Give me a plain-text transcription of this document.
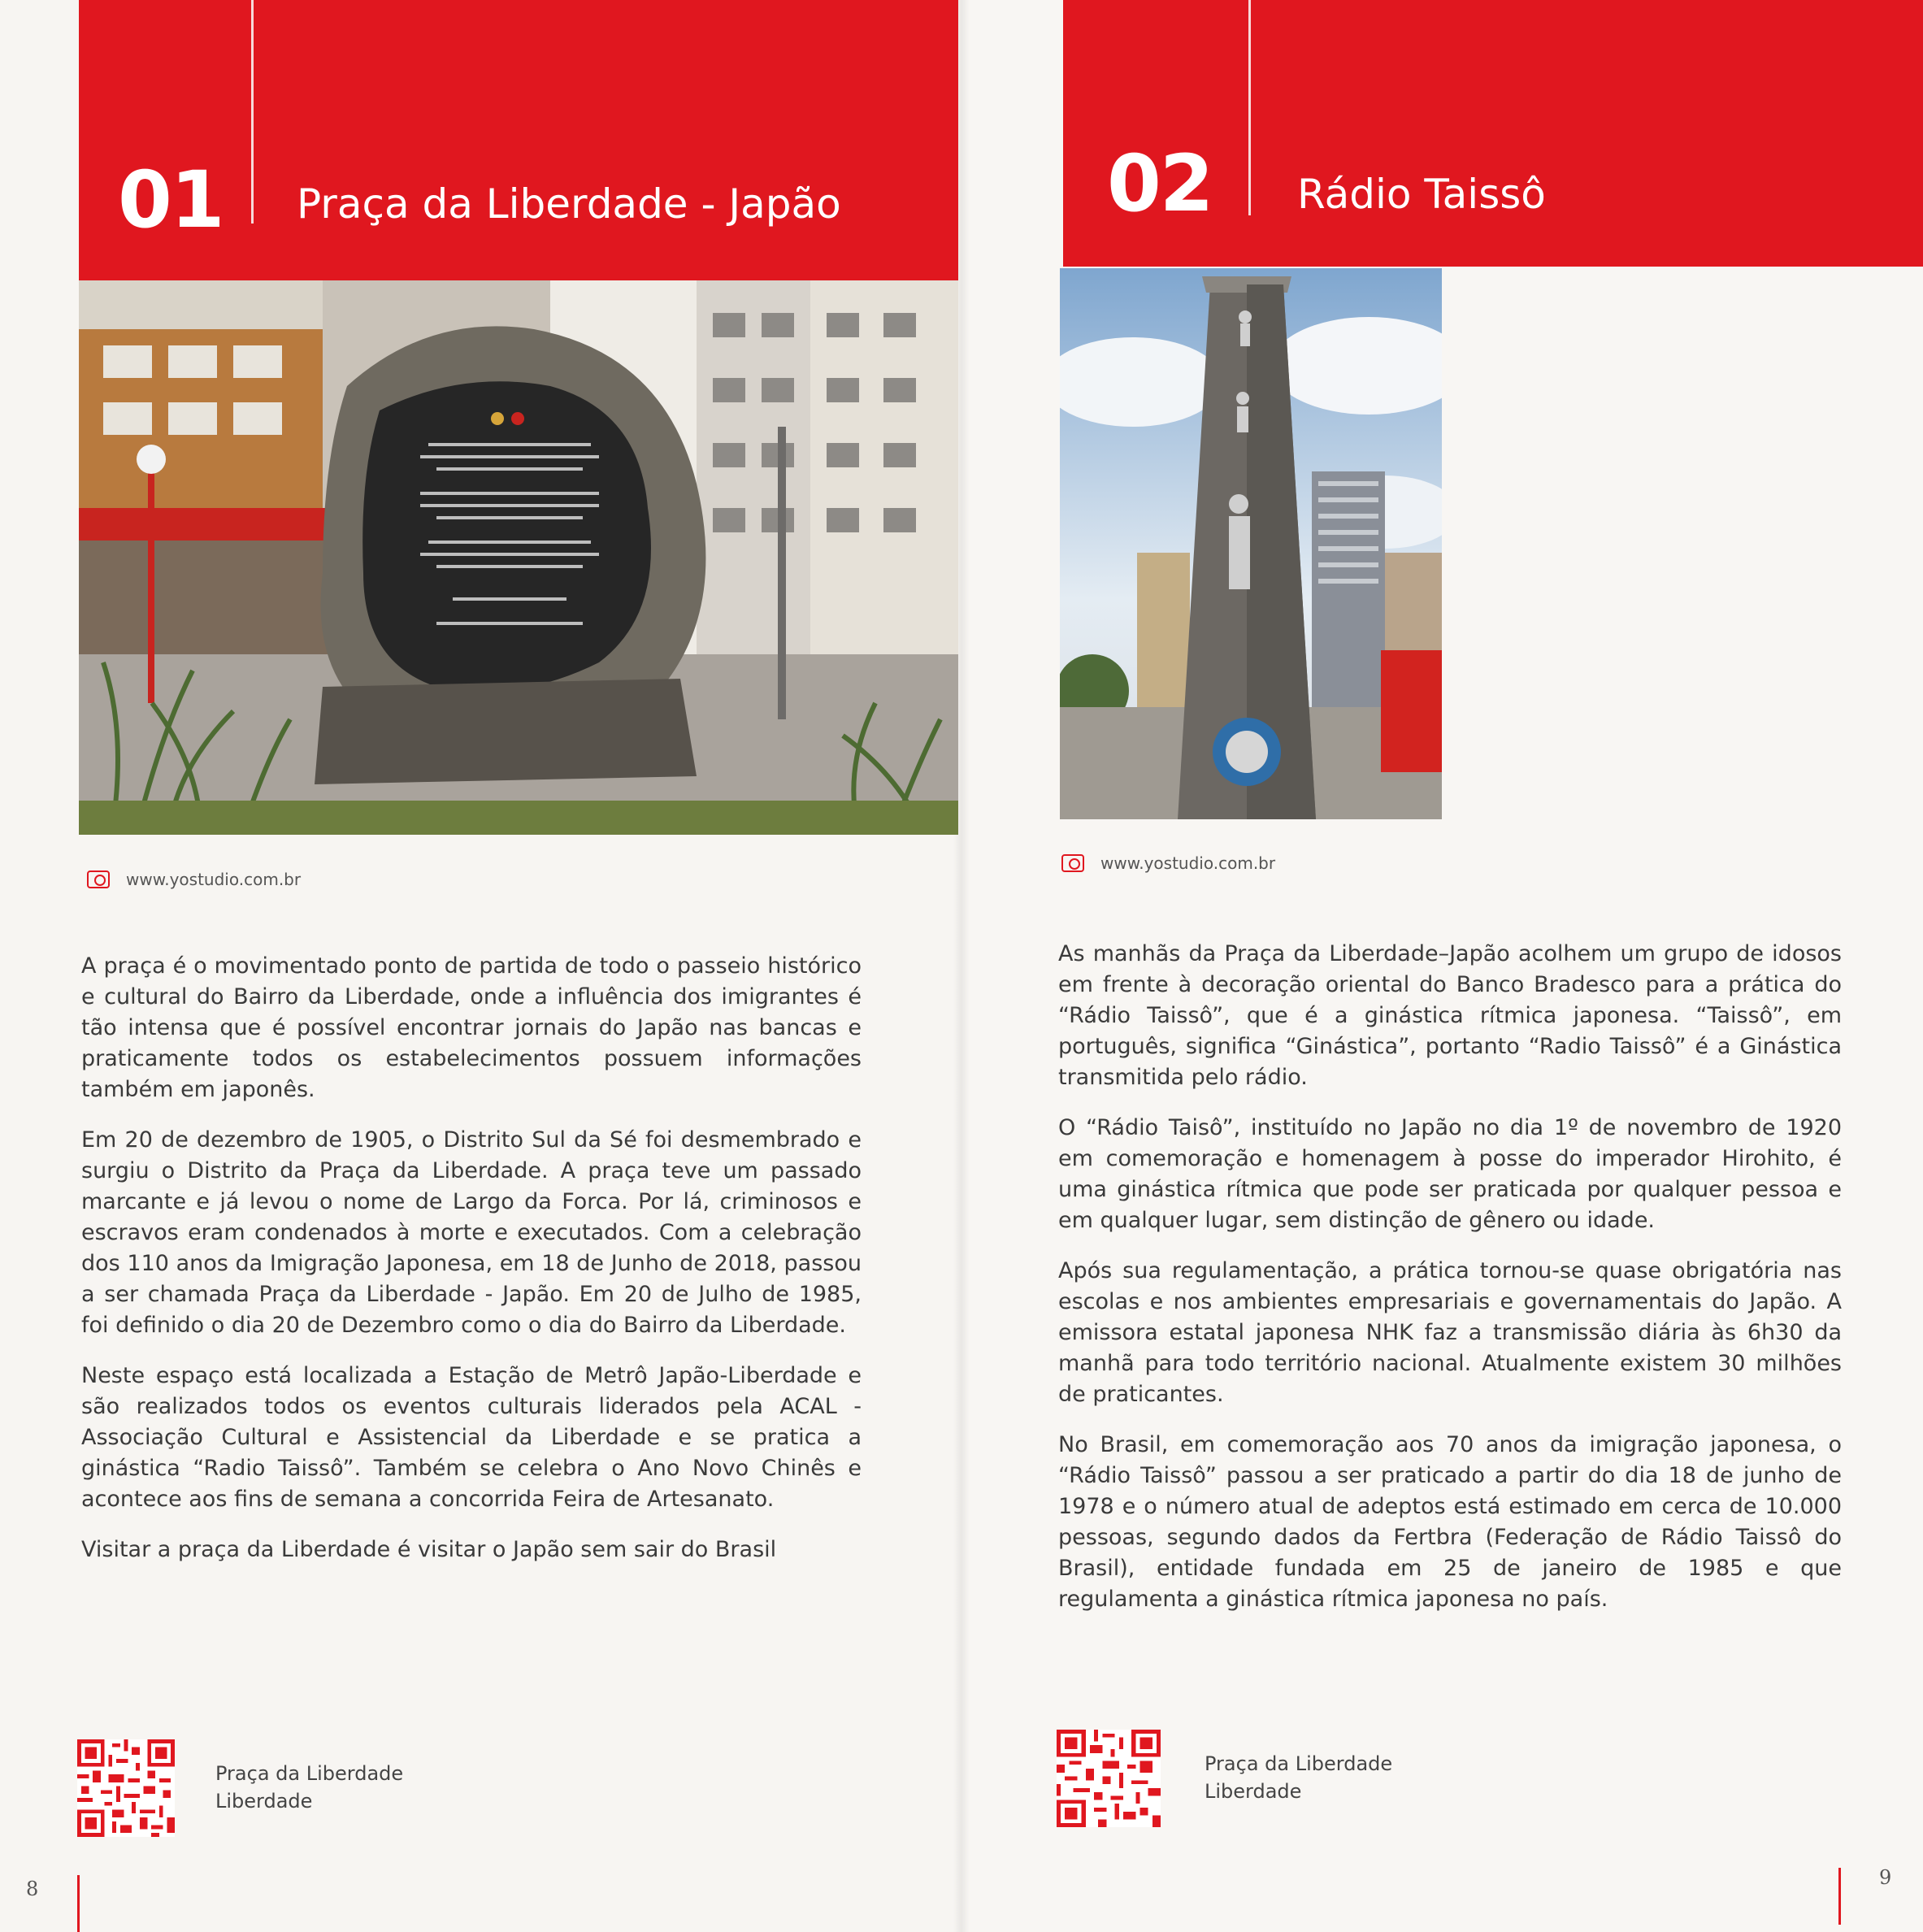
01 Praça da Liberdade - Japão
www.yostudio.com.br

A praça é o movimentado ponto de partida de todo o passeio histórico e cultural do Bairro da Liberdade, onde a influência dos imigrantes é tão intensa que é possível encontrar jornais do Japão nas bancas e praticamente todos os estabelecimentos possuem informações também em japonês.

Em 20 de dezembro de 1905, o Distrito Sul da Sé foi desmembrado e surgiu o Distrito da Praça da Liberdade. A praça teve um passado marcante e já levou o nome de Largo da Forca. Por lá, criminosos e escravos eram condenados à morte e executados. Com a celebração dos 110 anos da Imigração Japonesa, em 18 de Junho de 2018, passou a ser chamada Praça da Liberdade - Japão. Em 20 de Julho de 1985, foi definido o dia 20 de Dezembro como o dia do Bairro da Liberdade.

Neste espaço está localizada a Estação de Metrô Japão-Liberdade e são realizados todos os eventos culturais liderados pela ACAL - Associação Cultural e Assistencial da Liberdade e se pratica a ginástica “Radio Taissô”. Também se celebra o Ano Novo Chinês e acontece aos fins de semana a concorrida Feira de Artesanato.

Visitar a praça da Liberdade é visitar o Japão sem sair do Brasil

Praça da Liberdade
Liberdade
8
02 Rádio Taissô
www.yostudio.com.br

As manhãs da Praça da Liberdade–Japão acolhem um grupo de idosos em frente à decoração oriental do Banco Bradesco para a prática do “Rádio Taissô”, que é a ginástica rítmica japonesa. “Taissô”, em português, significa “Ginástica”, portanto “Radio Taissô” é a Ginástica transmitida pelo rádio.

O “Rádio Taisô”, instituído no Japão no dia 1º de novembro de 1920 em comemoração e homenagem à posse do imperador Hirohito, é uma ginástica rítmica que pode ser praticada por qualquer pessoa e em qualquer lugar, sem distinção de gênero ou idade.

Após sua regulamentação, a prática tornou-se quase obrigatória nas escolas e nos ambientes empresariais e governamentais do Japão. A emissora estatal japonesa NHK faz a transmissão diária às 6h30 da manhã para todo território nacional. Atualmente existem 30 milhões de praticantes.

No Brasil, em comemoração aos 70 anos da imigração japonesa, o “Rádio Taissô” passou a ser praticado a partir do dia 18 de junho de 1978 e o número atual de adeptos está estimado em cerca de 10.000 pessoas, segundo dados da Fertbra (Federação de Rádio Taissô do Brasil), entidade fundada em 25 de janeiro de 1985 e que regulamenta a ginástica rítmica japonesa no país.

Praça da Liberdade
Liberdade
9
